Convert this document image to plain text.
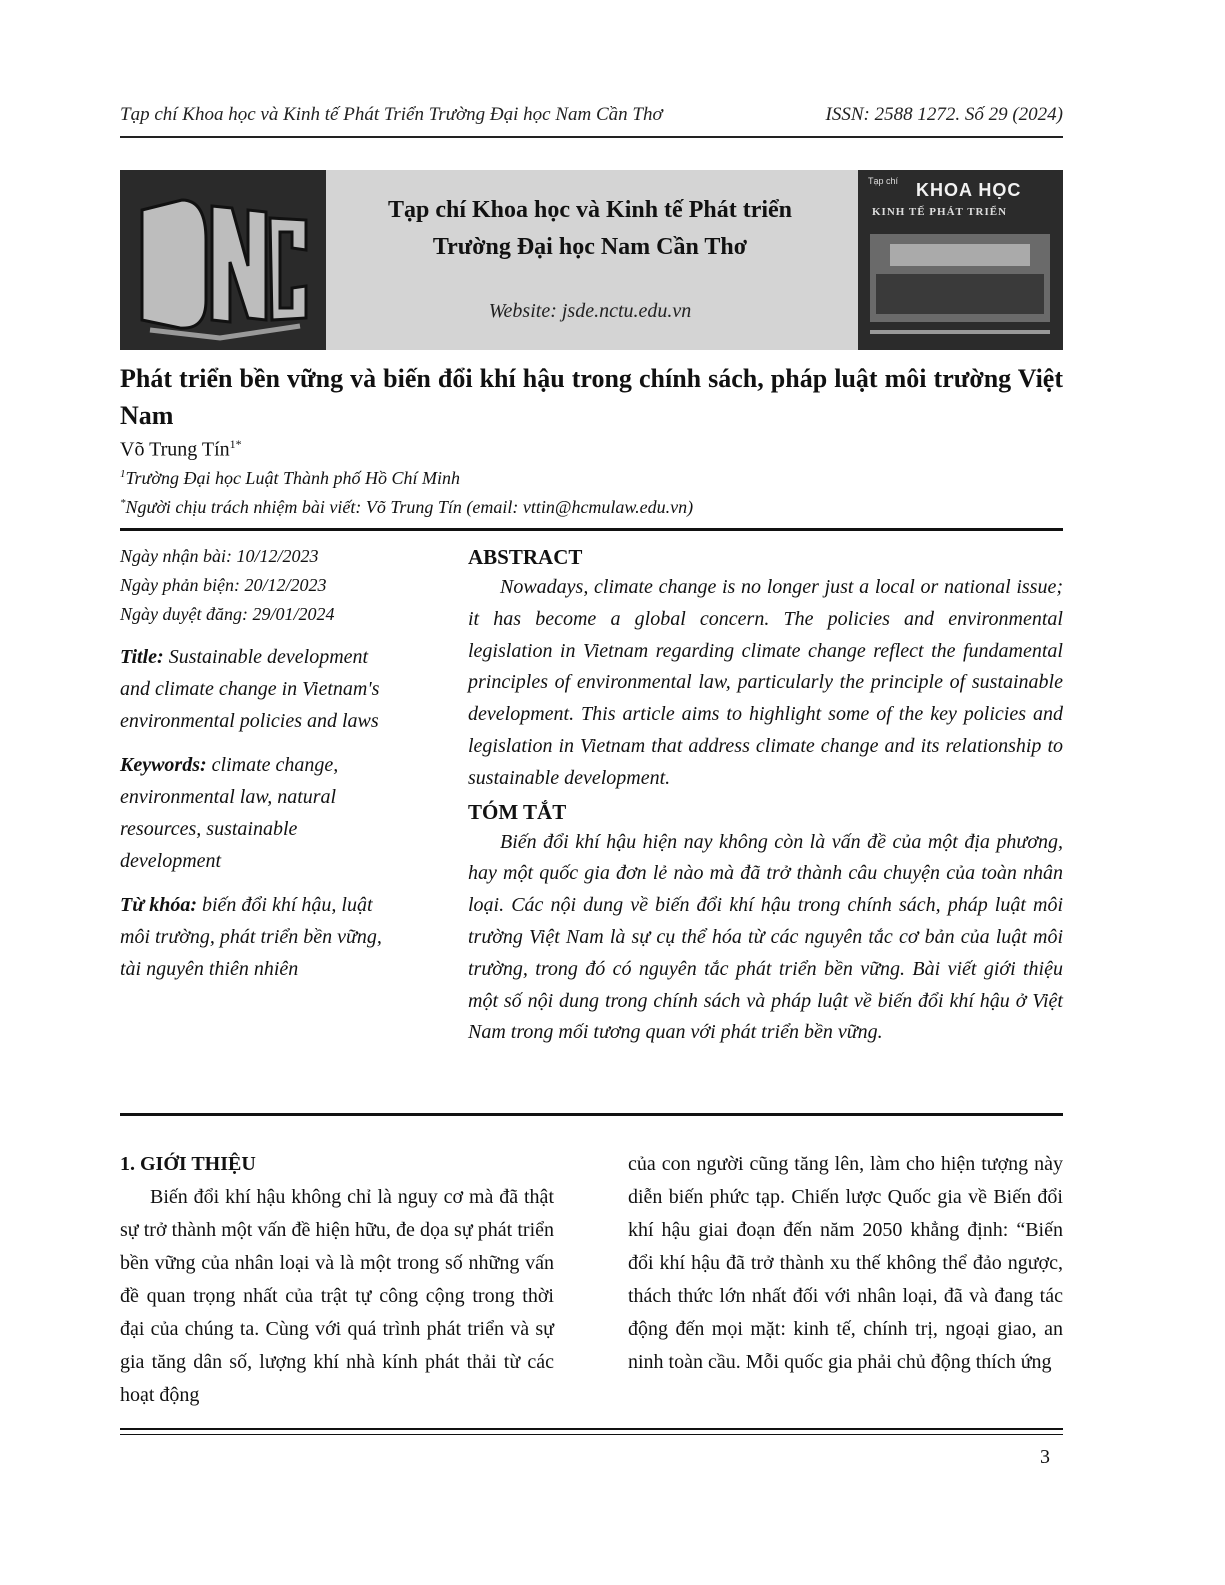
Tạp chí Khoa học và Kinh tế Phát Triển Trường Đại học Nam Cần Thơ	ISSN: 2588 1272. Số 29 (2024)
Tạp chí Khoa học và Kinh tế Phát triển
Trường Đại học Nam Cần Thơ
Website: jsde.nctu.edu.vn
Tạp chí KHOA HỌC
KINH TẾ PHÁT TRIỂN
Phát triển bền vững và biến đổi khí hậu trong chính sách, pháp luật môi trường Việt Nam
Võ Trung Tín$^{1*}$
$^1$Trường Đại học Luật Thành phố Hồ Chí Minh
*Người chịu trách nhiệm bài viết: Võ Trung Tín (email: vttin@hcmulaw.edu.vn)
Ngày nhận bài: 10/12/2023
Ngày phản biện: 20/12/2023
Ngày duyệt đăng: 29/01/2024
Title: Sustainable development and climate change in Vietnam's environmental policies and laws
Keywords: climate change, environmental law, natural resources, sustainable development
Từ khóa: biến đổi khí hậu, luật môi trường, phát triển bền vững, tài nguyên thiên nhiên
ABSTRACT
Nowadays, climate change is no longer just a local or national issue; it has become a global concern. The policies and environmental legislation in Vietnam regarding climate change reflect the fundamental principles of environmental law, particularly the principle of sustainable development. This article aims to highlight some of the key policies and legislation in Vietnam that address climate change and its relationship to sustainable development.
TÓM TẮT
Biến đổi khí hậu hiện nay không còn là vấn đề của một địa phương, hay một quốc gia đơn lẻ nào mà đã trở thành câu chuyện của toàn nhân loại. Các nội dung về biến đổi khí hậu trong chính sách, pháp luật môi trường Việt Nam là sự cụ thể hóa từ các nguyên tắc cơ bản của luật môi trường, trong đó có nguyên tắc phát triển bền vững. Bài viết giới thiệu một số nội dung trong chính sách và pháp luật về biến đổi khí hậu ở Việt Nam trong mối tương quan với phát triển bền vững.
1. GIỚI THIỆU

Biến đổi khí hậu không chỉ là nguy cơ mà đã thật sự trở thành một vấn đề hiện hữu, đe dọa sự phát triển bền vững của nhân loại và là một trong số những vấn đề quan trọng nhất của trật tự công cộng trong thời đại của chúng ta. Cùng với quá trình phát triển và sự gia tăng dân số, lượng khí nhà kính phát thải từ các hoạt động

của con người cũng tăng lên, làm cho hiện tượng này diễn biến phức tạp. Chiến lược Quốc gia về Biến đổi khí hậu giai đoạn đến năm 2050 khẳng định: “Biến đổi khí hậu đã trở thành xu thế không thể đảo ngược, thách thức lớn nhất đối với nhân loại, đã và đang tác động đến mọi mặt: kinh tế, chính trị, ngoại giao, an ninh toàn cầu. Mỗi quốc gia phải chủ động thích ứng

3
